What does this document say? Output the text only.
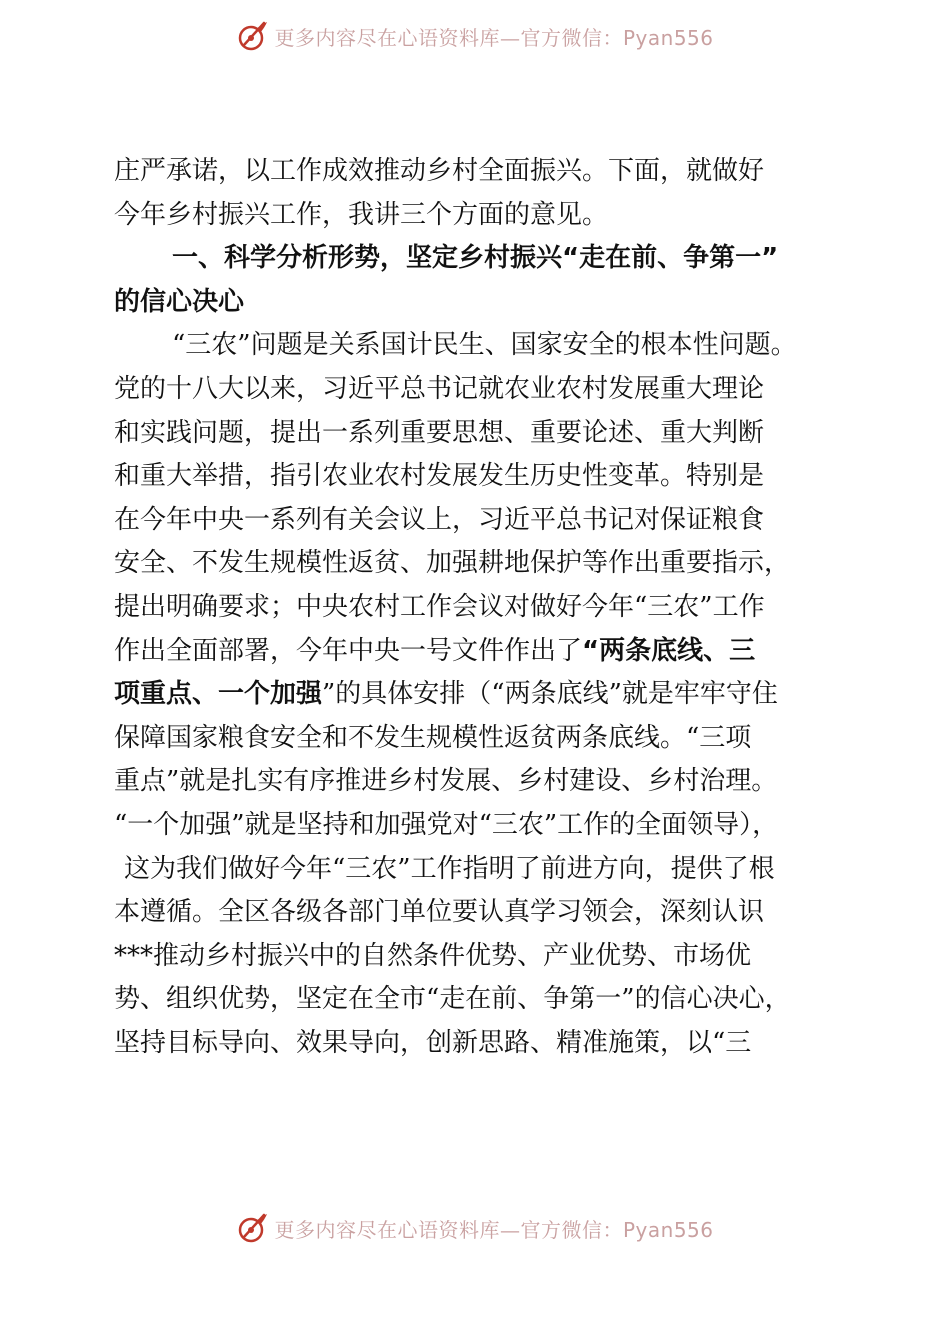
更多内容尽在心语资料库—官方微信：Pyan556
庄严承诺，以工作成效推动乡村全面振兴。下面，就做好
今年乡村振兴工作，我讲三个方面的意见。
一、科学分析形势，坚定乡村振兴“走在前、争第一”
的信心决心
“三农”问题是关系国计民生、国家安全的根本性问题。
党的十八大以来，习近平总书记就农业农村发展重大理论
和实践问题，提出一系列重要思想、重要论述、重大判断
和重大举措，指引农业农村发展发生历史性变革。特别是
在今年中央一系列有关会议上，习近平总书记对保证粮食
安全、不发生规模性返贫、加强耕地保护等作出重要指示，
提出明确要求；中央农村工作会议对做好今年“三农”工作
作出全面部署，今年中央一号文件作出了“两条底线、三
项重点、一个加强”的具体安排（“两条底线”就是牢牢守住
保障国家粮食安全和不发生规模性返贫两条底线。“三项
重点”就是扎实有序推进乡村发展、乡村建设、乡村治理。
“一个加强”就是坚持和加强党对“三农”工作的全面领导），
这为我们做好今年“三农”工作指明了前进方向，提供了根
本遵循。全区各级各部门单位要认真学习领会，深刻认识
***推动乡村振兴中的自然条件优势、产业优势、市场优
势、组织优势，坚定在全市“走在前、争第一”的信心决心，
坚持目标导向、效果导向，创新思路、精准施策，以“三
更多内容尽在心语资料库—官方微信：Pyan556
